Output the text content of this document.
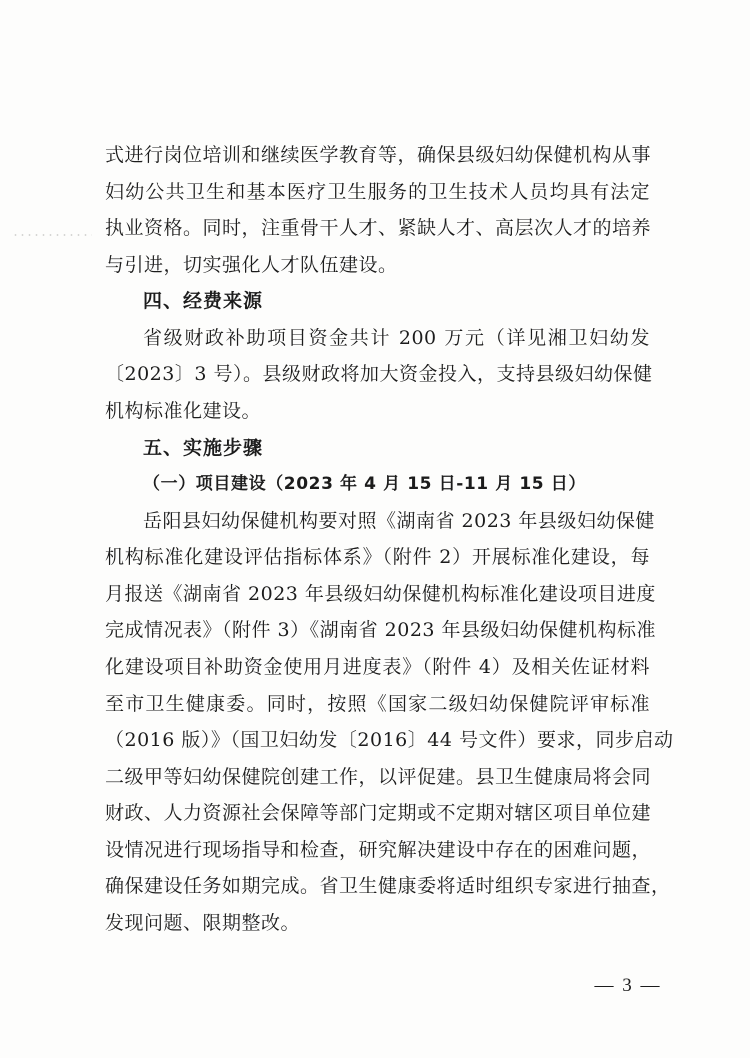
式进行岗位培训和继续医学教育等，确保县级妇幼保健机构从事
妇幼公共卫生和基本医疗卫生服务的卫生技术人员均具有法定
执业资格。同时，注重骨干人才、紧缺人才、高层次人才的培养
与引进，切实强化人才队伍建设。
四、经费来源
省级财政补助项目资金共计 200 万元（详见湘卫妇幼发
〔2023〕3 号）。县级财政将加大资金投入，支持县级妇幼保健
机构标准化建设。
五、实施步骤
（一）项目建设（2023 年 4 月 15 日-11 月 15 日）
岳阳县妇幼保健机构要对照《湖南省 2023 年县级妇幼保健
机构标准化建设评估指标体系》（附件 2）开展标准化建设，每
月报送《湖南省 2023 年县级妇幼保健机构标准化建设项目进度
完成情况表》（附件 3）《湖南省 2023 年县级妇幼保健机构标准
化建设项目补助资金使用月进度表》（附件 4）及相关佐证材料
至市卫生健康委。同时，按照《国家二级妇幼保健院评审标准
（2016 版）》（国卫妇幼发〔2016〕44 号文件）要求，同步启动
二级甲等妇幼保健院创建工作，以评促建。县卫生健康局将会同
财政、人力资源社会保障等部门定期或不定期对辖区项目单位建
设情况进行现场指导和检查，研究解决建设中存在的困难问题，
确保建设任务如期完成。省卫生健康委将适时组织专家进行抽查，
发现问题、限期整改。
— 3 —
